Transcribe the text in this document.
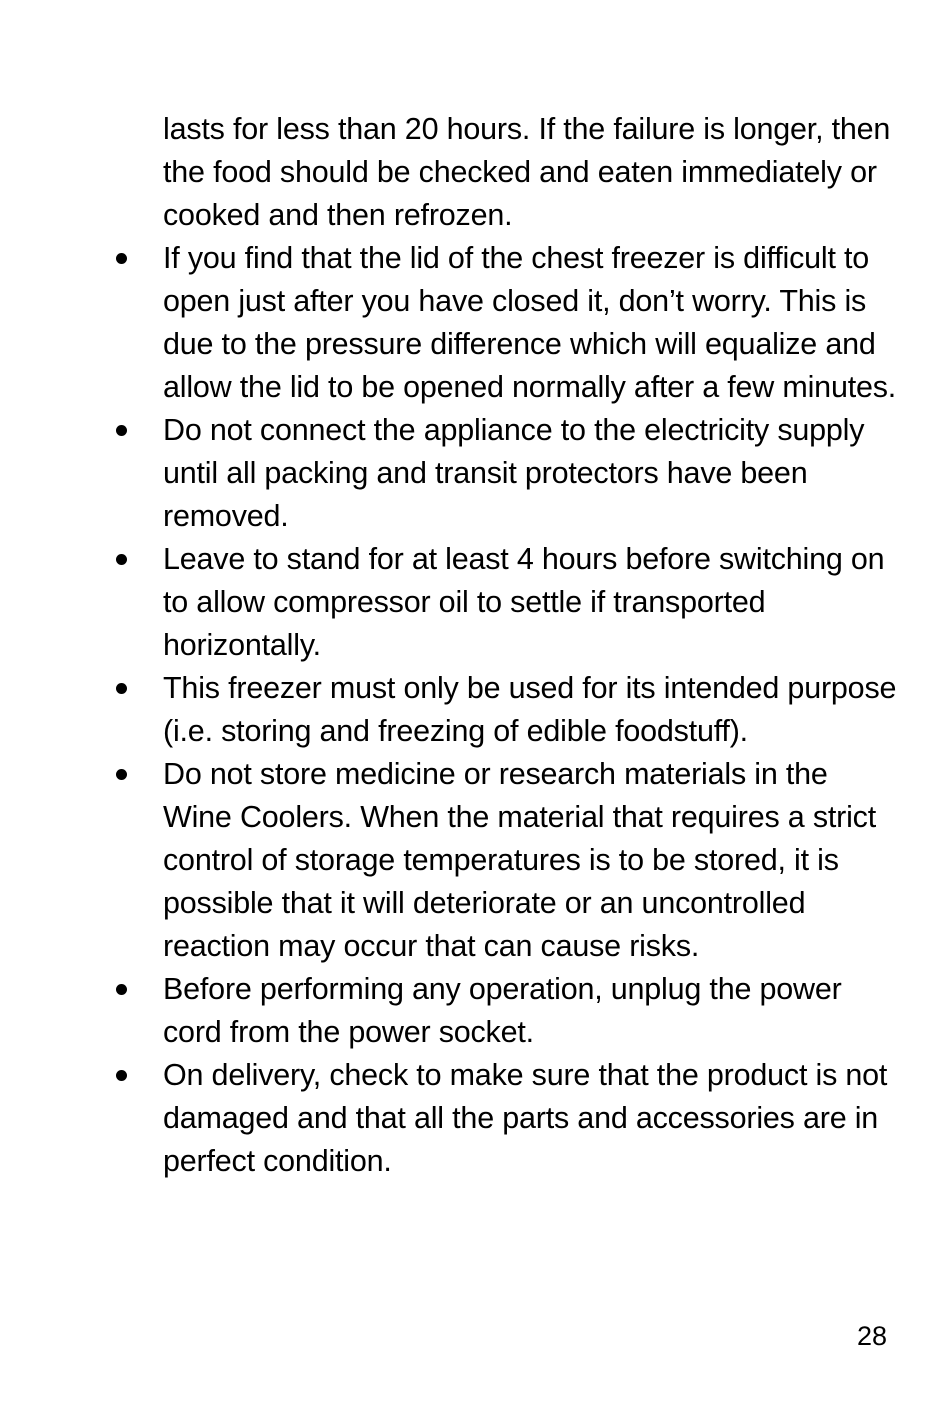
lasts for less than 20 hours. If the failure is longer, then the food should be checked and eaten immediately or cooked and then refrozen.

If you find that the lid of the chest freezer is difficult to open just after you have closed it, don’t worry. This is due to the pressure difference which will equalize and allow the lid to be opened normally after a few minutes.
Do not connect the appliance to the electricity supply until all packing and transit protectors have been removed.
Leave to stand for at least 4 hours before switching on to allow compressor oil to settle if transported horizontally.
This freezer must only be used for its intended purpose (i.e. storing and freezing of edible foodstuff).
Do not store medicine or research materials in the Wine Coolers. When the material that requires a strict control of storage temperatures is to be stored, it is possible that it will deteriorate or an uncontrolled reaction may occur that can cause risks.
Before performing any operation, unplug the power cord from the power socket.
On delivery, check to make sure that the product is not damaged and that all the parts and accessories are in perfect condition.
28
